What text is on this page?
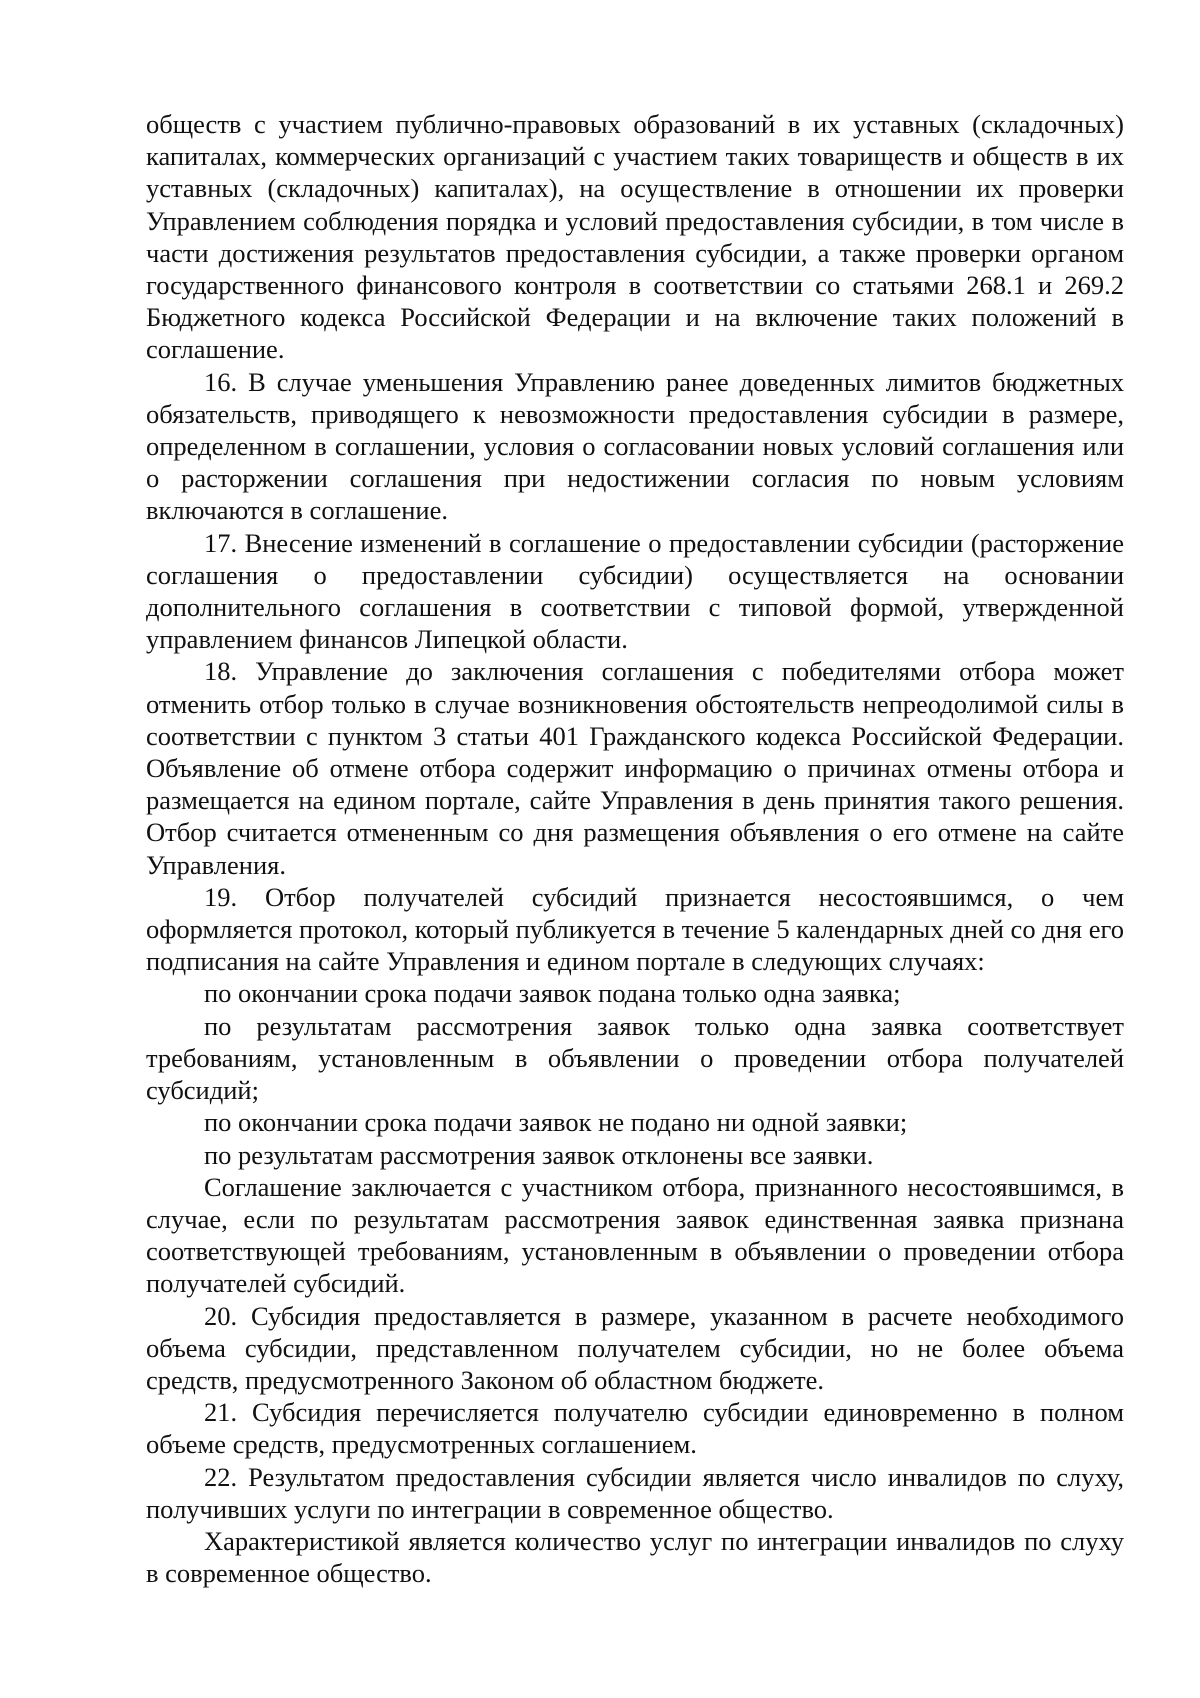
обществ с участием публично-правовых образований в их уставных (складочных) капиталах, коммерческих организаций с участием таких товариществ и обществ в их уставных (складочных) капиталах), на осуществление в отношении их проверки Управлением соблюдения порядка и условий предоставления субсидии, в том числе в части достижения результатов предоставления субсидии, а также проверки органом государственного финансового контроля в соответствии со статьями 268.1 и 269.2 Бюджетного кодекса Российской Федерации и на включение таких положений в соглашение.

16. В случае уменьшения Управлению ранее доведенных лимитов бюджетных обязательств, приводящего к невозможности предоставления субсидии в размере, определенном в соглашении, условия о согласовании новых условий соглашения или о расторжении соглашения при недостижении согласия по новым условиям включаются в соглашение.

17. Внесение изменений в соглашение о предоставлении субсидии (расторжение соглашения о предоставлении субсидии) осуществляется на основании дополнительного соглашения в соответствии с типовой формой, утвержденной управлением финансов Липецкой области.

18. Управление до заключения соглашения с победителями отбора может отменить отбор только в случае возникновения обстоятельств непреодолимой силы в соответствии с пунктом 3 статьи 401 Гражданского кодекса Российской Федерации. Объявление об отмене отбора содержит информацию о причинах отмены отбора и размещается на едином портале, сайте Управления в день принятия такого решения. Отбор считается отмененным со дня размещения объявления о его отмене на сайте Управления.

19. Отбор получателей субсидий признается несостоявшимся, о чем оформляется протокол, который публикуется в течение 5 календарных дней со дня его подписания на сайте Управления и едином портале в следующих случаях:

по окончании срока подачи заявок подана только одна заявка;

по результатам рассмотрения заявок только одна заявка соответствует требованиям, установленным в объявлении о проведении отбора получателей субсидий;

по окончании срока подачи заявок не подано ни одной заявки;

по результатам рассмотрения заявок отклонены все заявки.

Соглашение заключается с участником отбора, признанного несостоявшимся, в случае, если по результатам рассмотрения заявок единственная заявка признана соответствующей требованиям, установленным в объявлении о проведении отбора получателей субсидий.

20. Субсидия предоставляется в размере, указанном в расчете необходимого объема субсидии, представленном получателем субсидии, но не более объема средств, предусмотренного Законом об областном бюджете.

21. Субсидия перечисляется получателю субсидии единовременно в полном объеме средств, предусмотренных соглашением.

22. Результатом предоставления субсидии является число инвалидов по слуху, получивших услуги по интеграции в современное общество.

Характеристикой является количество услуг по интеграции инвалидов по слуху в современное общество.
